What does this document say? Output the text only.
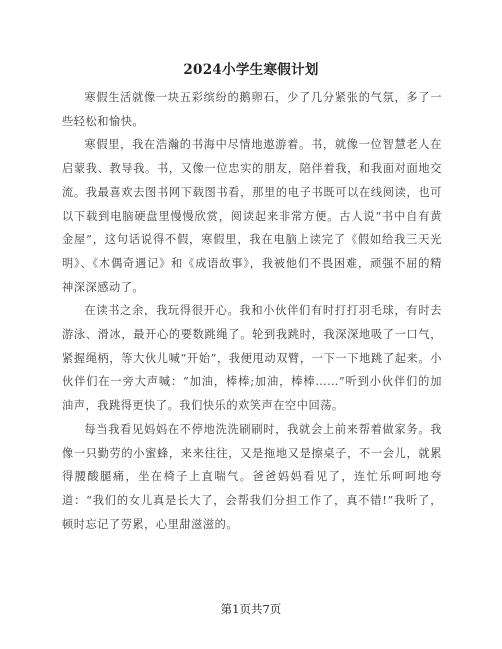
2024小学生寒假计划

寒假生活就像一块五彩缤纷的鹅卵石，少了几分紧张的气氛，多了一些轻松和愉快。

寒假里，我在浩瀚的书海中尽情地遨游着。书，就像一位智慧老人在启蒙我、教导我。书，又像一位忠实的朋友，陪伴着我，和我面对面地交流。我最喜欢去图书网下载图书看，那里的电子书既可以在线阅读，也可以下载到电脑硬盘里慢慢欣赏，阅读起来非常方便。古人说“书中自有黄金屋”，这句话说得不假，寒假里，我在电脑上读完了《假如给我三天光明》、《木偶奇遇记》和《成语故事》，我被他们不畏困难，顽强不屈的精神深深感动了。

在读书之余，我玩得很开心。我和小伙伴们有时打打羽毛球，有时去游泳、滑冰，最开心的要数跳绳了。轮到我跳时，我深深地吸了一口气，紧握绳柄，等大伙儿喊“开始”，我便甩动双臂，一下一下地跳了起来。小伙伴们在一旁大声喊：“加油，棒棒;加油，棒棒……”听到小伙伴们的加油声，我跳得更快了。我们快乐的欢笑声在空中回荡。

每当我看见妈妈在不停地洗洗刷刷时，我就会上前来帮着做家务。我像一只勤劳的小蜜蜂，来来往往，又是拖地又是擦桌子，不一会儿，就累得腰酸腿痛，坐在椅子上直喘气。爸爸妈妈看见了，连忙乐呵呵地夸道：“我们的女儿真是长大了，会帮我们分担工作了，真不错!”我听了，顿时忘记了劳累，心里甜滋滋的。

第1页共7页
